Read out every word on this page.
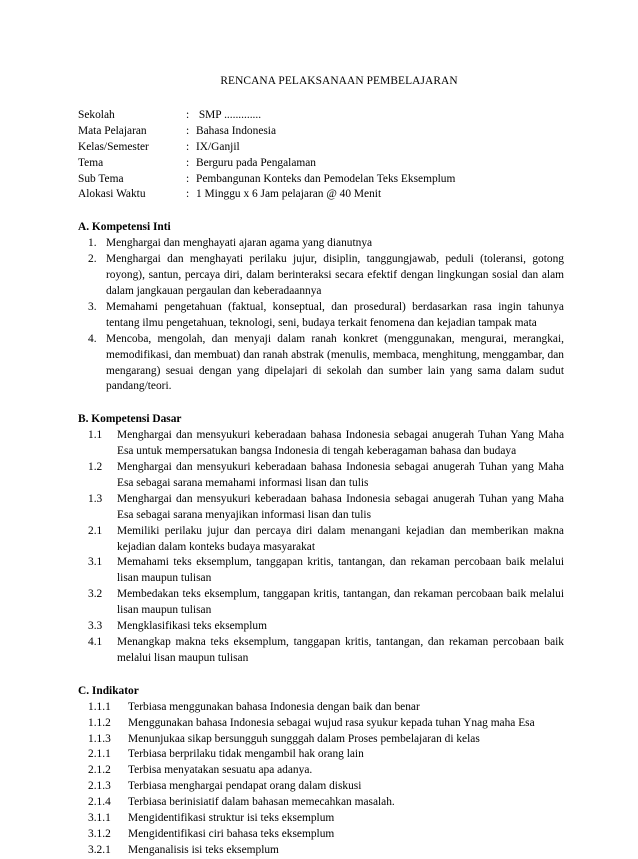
RENCANA PELAKSANAAN PEMBELAJARAN
Sekolah	: SMP .............
Mata Pelajaran	: Bahasa Indonesia
Kelas/Semester	: IX/Ganjil
Tema	: Berguru pada Pengalaman
Sub Tema	: Pembangunan Konteks dan Pemodelan Teks Eksemplum
Alokasi Waktu	: 1 Minggu x 6 Jam pelajaran @ 40 Menit
A. Kompetensi Inti
1. Menghargai dan menghayati ajaran agama yang dianutnya
2. Menghargai dan menghayati perilaku jujur, disiplin, tanggungjawab, peduli (toleransi, gotong royong), santun, percaya diri, dalam berinteraksi secara efektif dengan lingkungan sosial dan alam dalam jangkauan pergaulan dan keberadaannya
3. Memahami pengetahuan (faktual, konseptual, dan prosedural) berdasarkan rasa ingin tahunya tentang ilmu pengetahuan, teknologi, seni, budaya terkait fenomena dan kejadian tampak mata
4. Mencoba, mengolah, dan menyaji dalam ranah konkret (menggunakan, mengurai, merangkai, memodifikasi, dan membuat) dan ranah abstrak (menulis, membaca, menghitung, menggambar, dan mengarang) sesuai dengan yang dipelajari di sekolah dan sumber lain yang sama dalam sudut pandang/teori.
B. Kompetensi Dasar
1.1	Menghargai dan mensyukuri keberadaan bahasa Indonesia sebagai anugerah Tuhan Yang Maha Esa untuk mempersatukan bangsa Indonesia di tengah keberagaman bahasa dan budaya
1.2	Menghargai dan mensyukuri keberadaan bahasa Indonesia sebagai anugerah Tuhan yang Maha Esa sebagai sarana memahami informasi lisan dan tulis
1.3	Menghargai dan mensyukuri keberadaan bahasa Indonesia sebagai anugerah Tuhan yang Maha Esa sebagai sarana menyajikan informasi lisan dan tulis
2.1	Memiliki perilaku jujur dan percaya diri dalam menangani kejadian dan memberikan makna kejadian dalam konteks budaya masyarakat
3.1	Memahami teks eksemplum, tanggapan kritis, tantangan, dan rekaman percobaan baik melalui lisan maupun tulisan
3.2	Membedakan teks eksemplum, tanggapan kritis, tantangan, dan rekaman percobaan baik melalui lisan maupun tulisan
3.3	Mengklasifikasi teks eksemplum
4.1	Menangkap makna teks eksemplum, tanggapan kritis, tantangan, dan rekaman percobaan baik melalui lisan maupun tulisan
C. Indikator
1.1.1	Terbiasa menggunakan bahasa Indonesia dengan baik dan benar
1.1.2	Menggunakan bahasa Indonesia sebagai wujud rasa syukur kepada tuhan Ynag maha Esa
1.1.3	Menunjukaa sikap bersungguh sungggah dalam Proses pembelajaran di kelas
2.1.1	Terbiasa berprilaku tidak mengambil hak orang lain
2.1.2	Terbisa menyatakan sesuatu apa adanya.
2.1.3	Terbiasa menghargai pendapat orang dalam diskusi
2.1.4	Terbiasa berinisiatif dalam bahasan memecahkan masalah.
3.1.1	Mengidentifikasi struktur isi teks eksemplum
3.1.2	Mengidentifikasi ciri bahasa teks eksemplum
3.2.1	Menganalisis isi teks eksemplum
